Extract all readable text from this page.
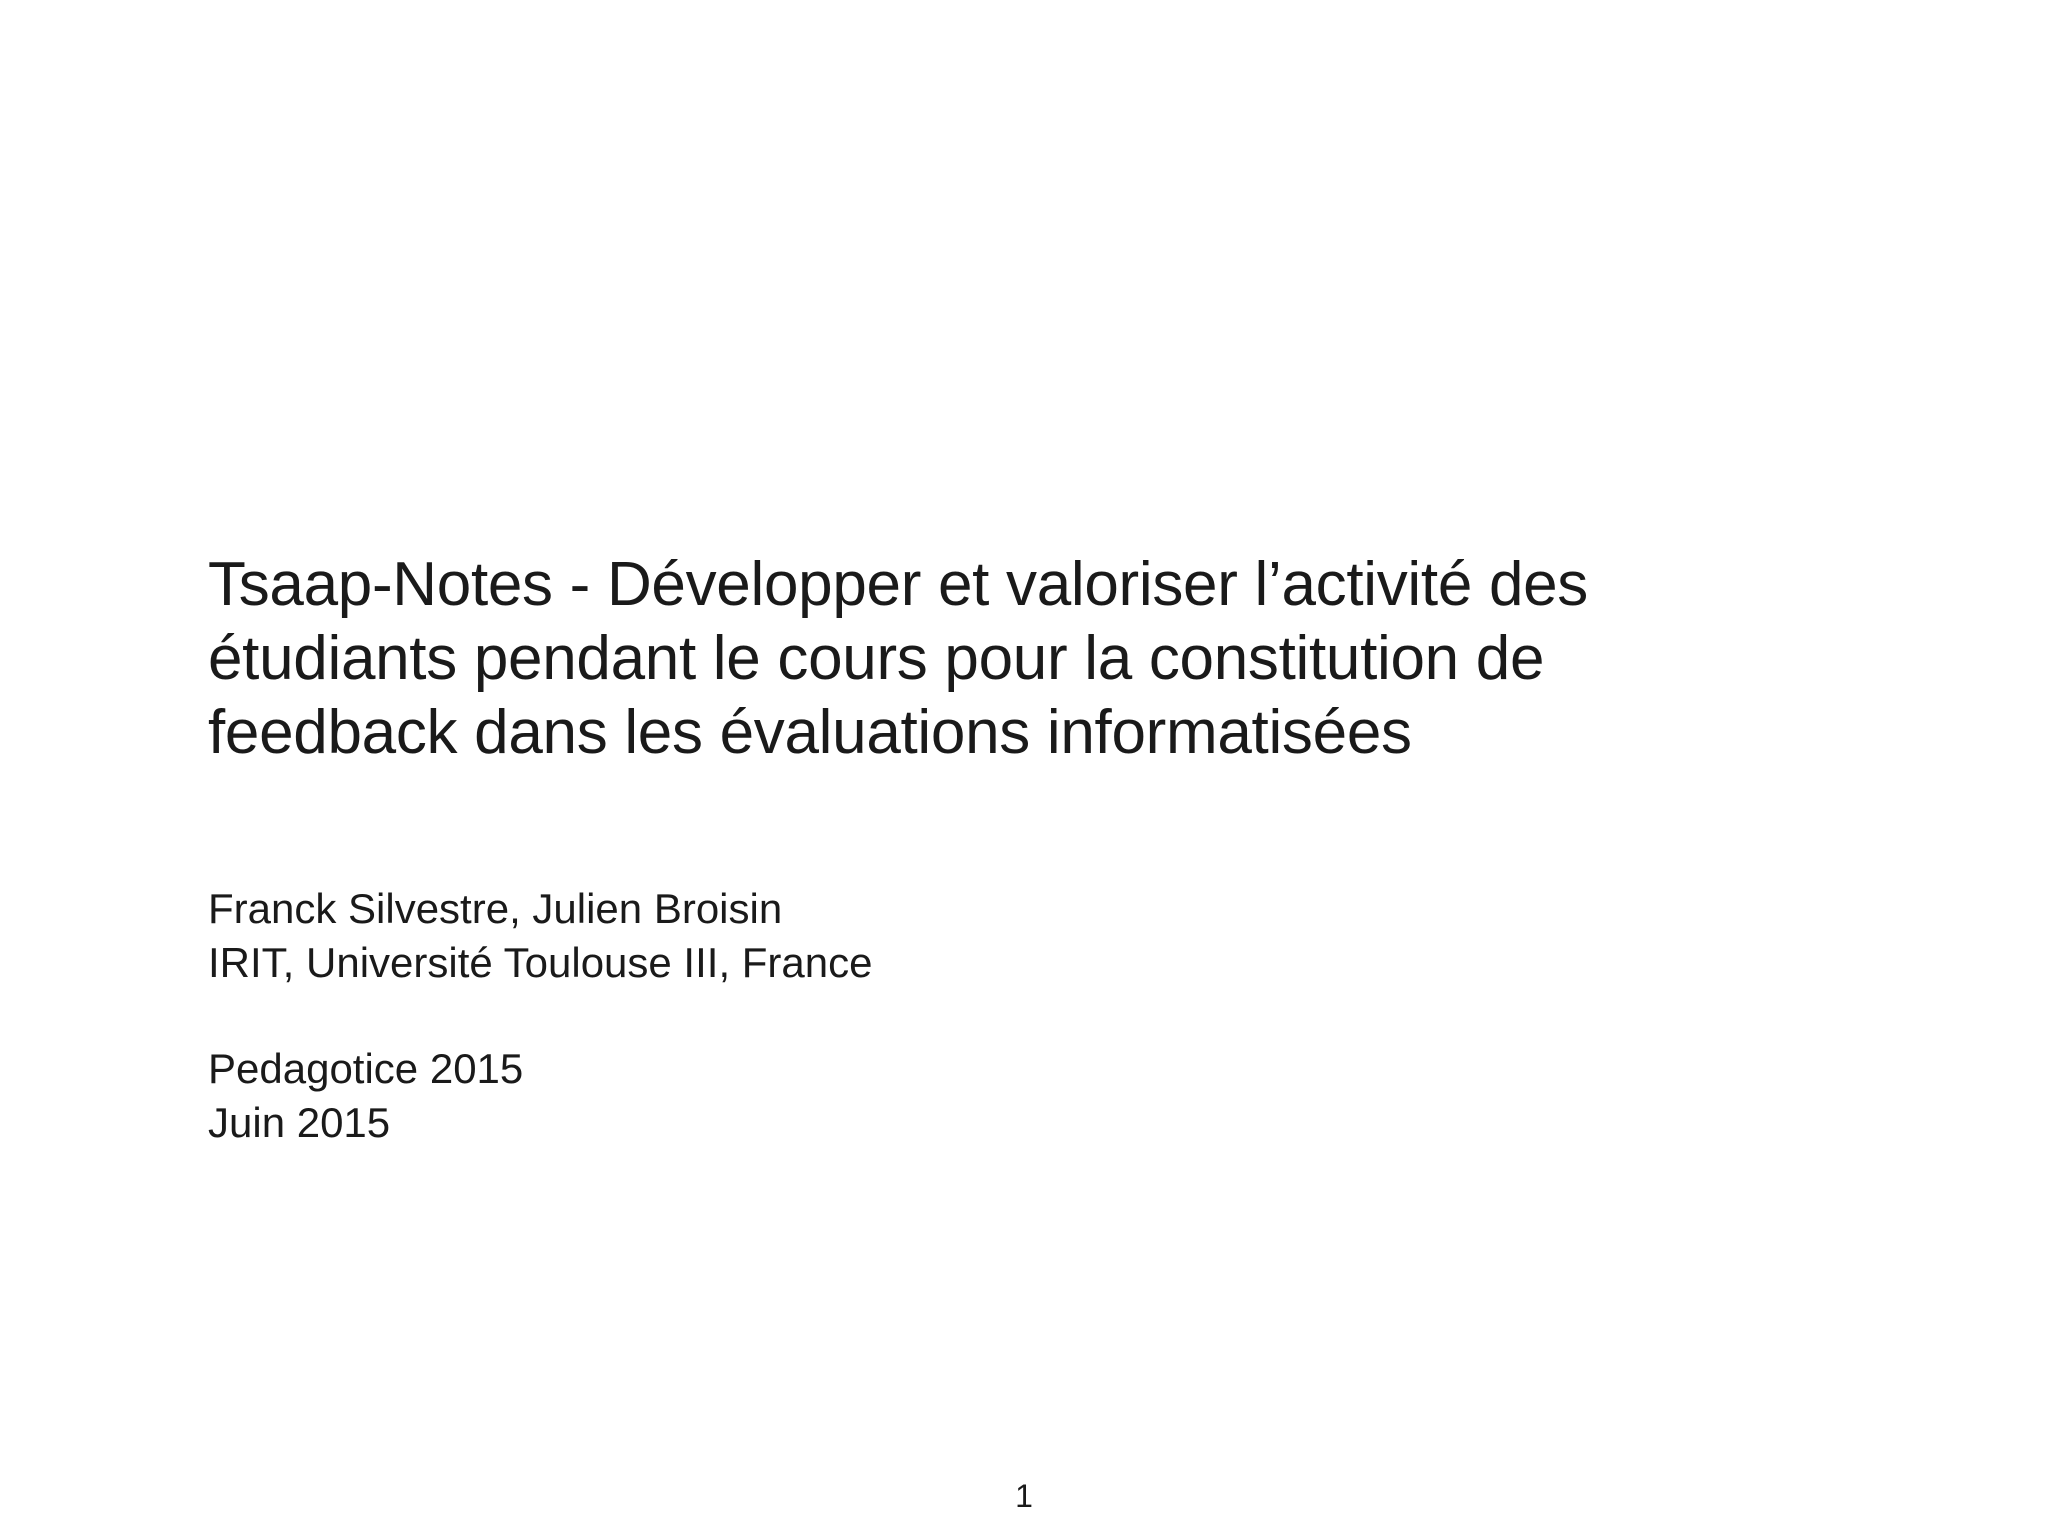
Tsaap-Notes - Développer et valoriser l’activité des
étudiants pendant le cours pour la constitution de
feedback dans les évaluations informatisées
Franck Silvestre, Julien Broisin
IRIT, Université Toulouse III, France
Pedagotice 2015
Juin 2015
1
